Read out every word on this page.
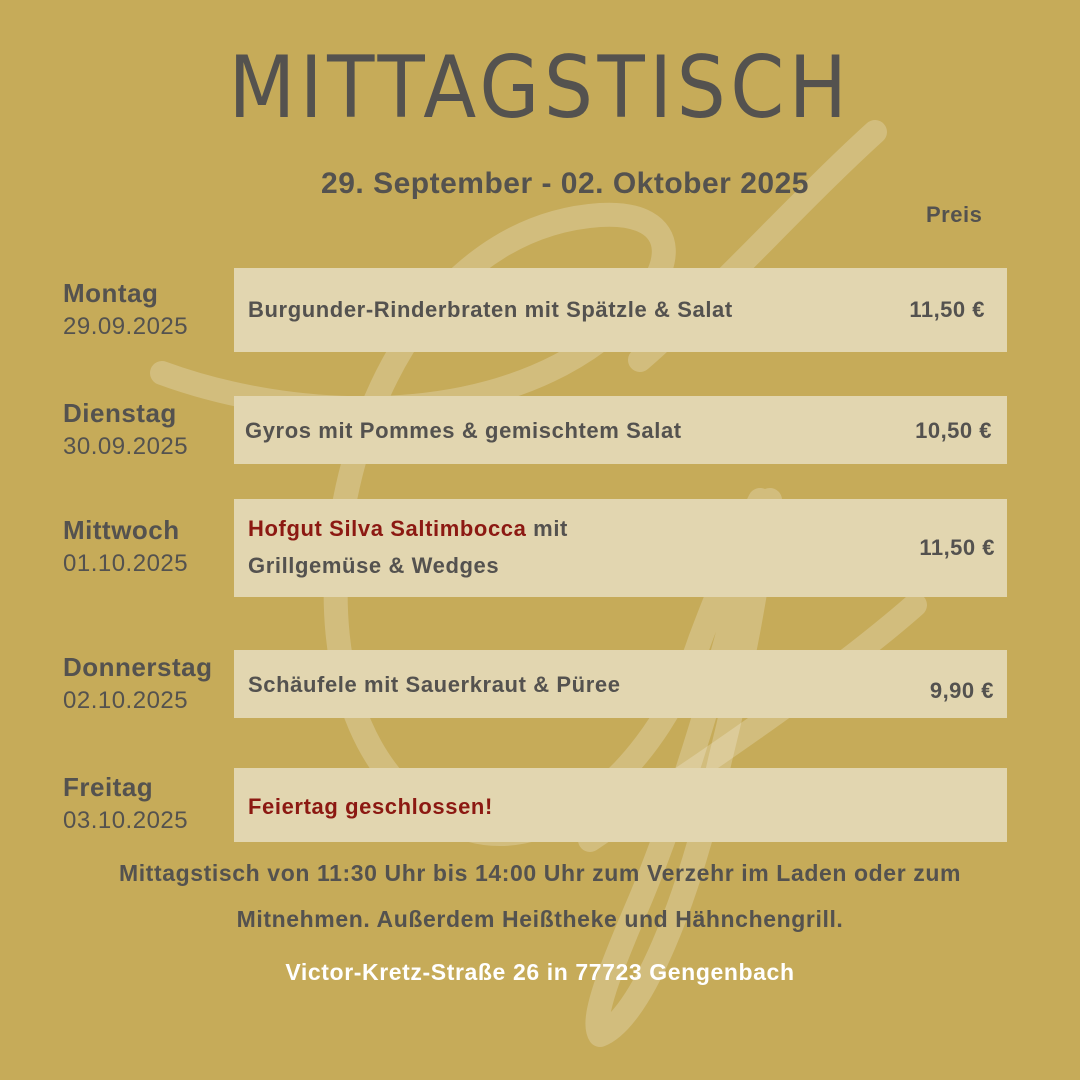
MITTAGSTISCH
29. September - 02. Oktober 2025
Preis
Montag
29.09.2025
Burgunder-Rinderbraten mit Spätzle & Salat	11,50 €
Dienstag
30.09.2025
Gyros mit Pommes & gemischtem Salat	10,50 €
Mittwoch
01.10.2025
Hofgut Silva Saltimbocca mit
Grillgemüse & Wedges
11,50 €
Donnerstag
02.10.2025
Schäufele mit Sauerkraut & Püree	9,90 €
Freitag
03.10.2025
Feiertag geschlossen!
Mittagstisch von 11:30 Uhr bis 14:00 Uhr zum Verzehr im Laden oder zum Mitnehmen. Außerdem Heißtheke und Hähnchengrill.
Victor-Kretz-Straße 26 in 77723 Gengenbach
